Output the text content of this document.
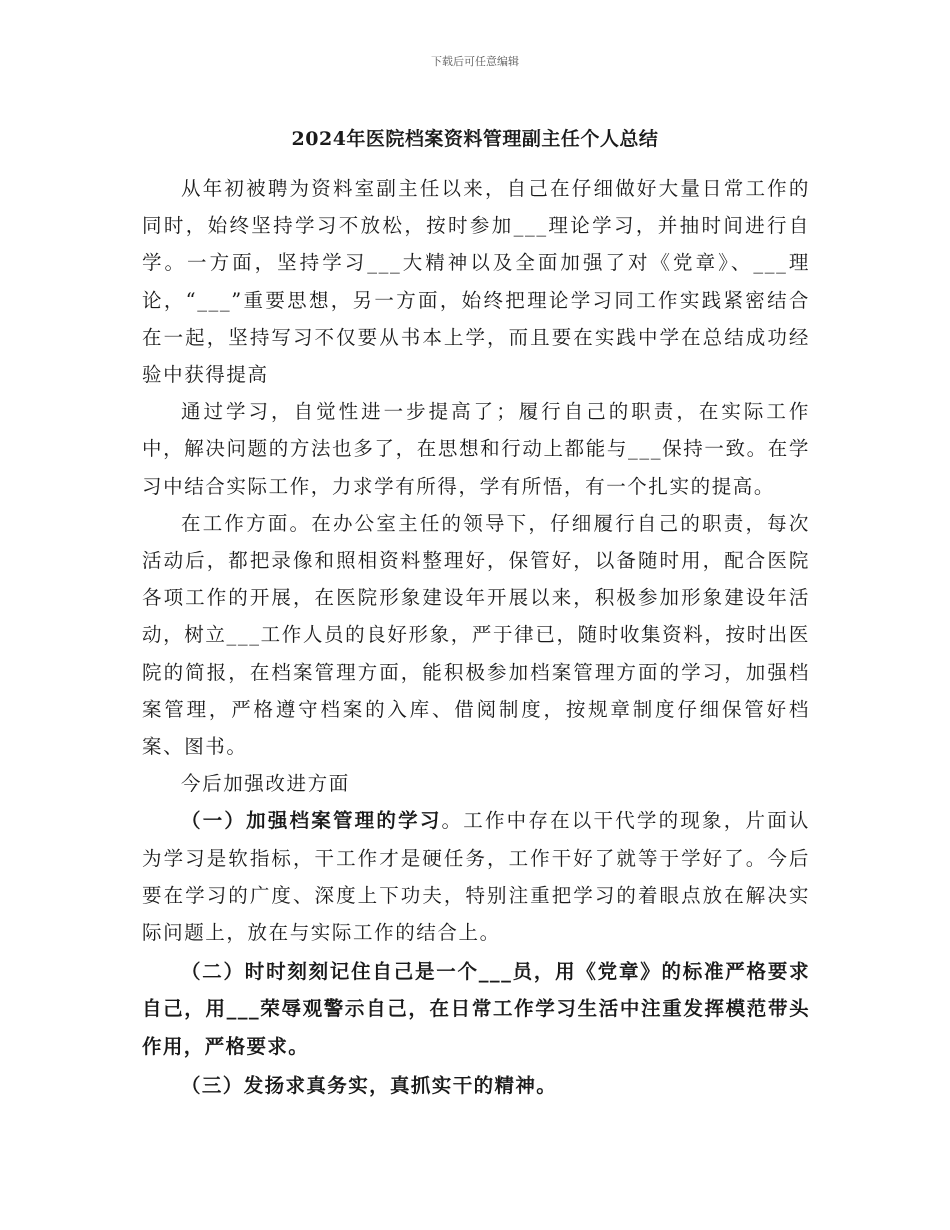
下载后可任意编辑
2024年医院档案资料管理副主任个人总结

从年初被聘为资料室副主任以来，自己在仔细做好大量日常工作的同时，始终坚持学习不放松，按时参加___理论学习，并抽时间进行自学。一方面，坚持学习___大精神以及全面加强了对《党章》、___理论，“___”重要思想，另一方面，始终把理论学习同工作实践紧密结合在一起，坚持写习不仅要从书本上学，而且要在实践中学在总结成功经验中获得提高

通过学习，自觉性进一步提高了；履行自己的职责，在实际工作中，解决问题的方法也多了，在思想和行动上都能与___保持一致。在学习中结合实际工作，力求学有所得，学有所悟，有一个扎实的提高。

在工作方面。在办公室主任的领导下，仔细履行自己的职责，每次活动后，都把录像和照相资料整理好，保管好，以备随时用，配合医院各项工作的开展，在医院形象建设年开展以来，积极参加形象建设年活动，树立___工作人员的良好形象，严于律已，随时收集资料，按时出医院的简报，在档案管理方面，能积极参加档案管理方面的学习，加强档案管理，严格遵守档案的入库、借阅制度，按规章制度仔细保管好档案、图书。

今后加强改进方面

（一）加强档案管理的学习。工作中存在以干代学的现象，片面认为学习是软指标，干工作才是硬任务，工作干好了就等于学好了。今后要在学习的广度、深度上下功夫，特别注重把学习的着眼点放在解决实际问题上，放在与实际工作的结合上。

（二）时时刻刻记住自己是一个___员，用《党章》的标准严格要求自己，用___荣辱观警示自己，在日常工作学习生活中注重发挥模范带头作用，严格要求。

（三）发扬求真务实，真抓实干的精神。
